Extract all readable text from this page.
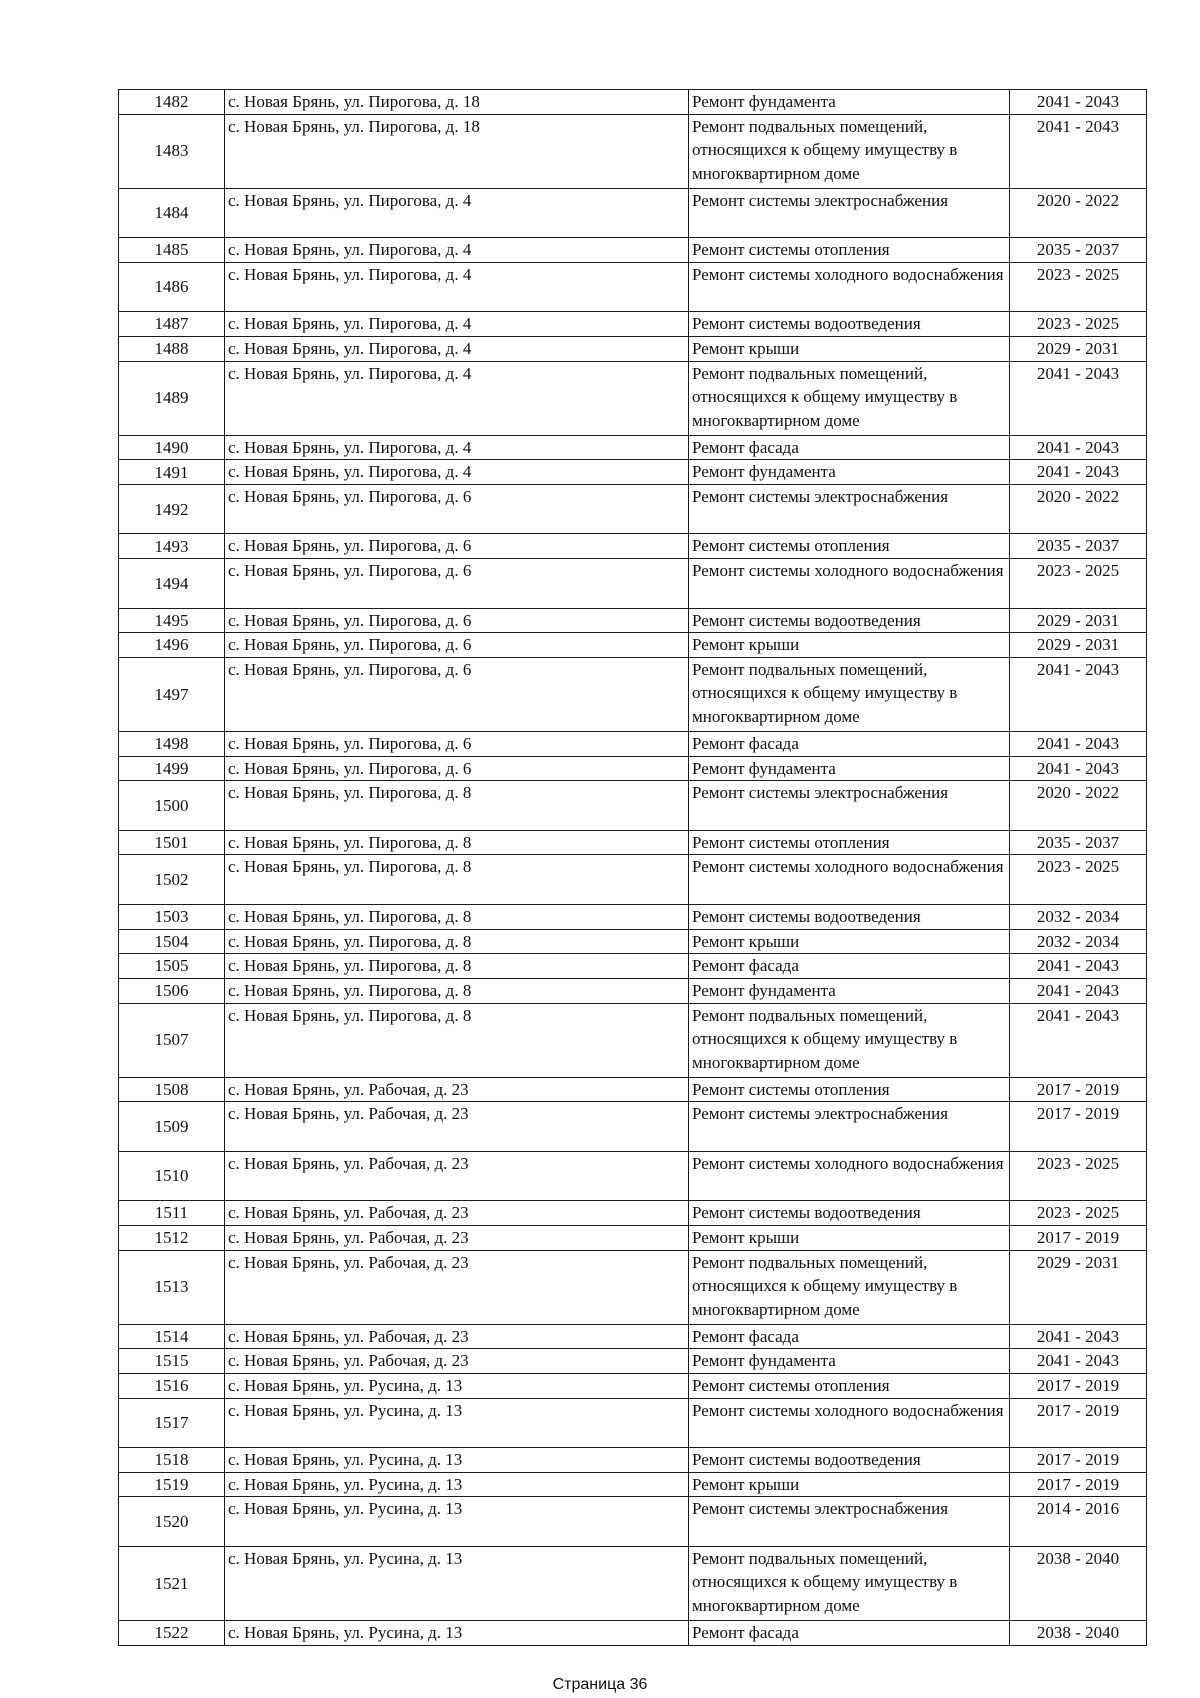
1482	с. Новая Брянь, ул. Пирогова, д. 18	Ремонт фундамента	2041 - 2043
1483	с. Новая Брянь, ул. Пирогова, д. 18	Ремонт подвальных помещений, относящихся к общему имуществу в многоквартирном доме	2041 - 2043
1484	с. Новая Брянь, ул. Пирогова, д. 4	Ремонт системы электроснабжения	2020 - 2022
1485	с. Новая Брянь, ул. Пирогова, д. 4	Ремонт системы отопления	2035 - 2037
1486	с. Новая Брянь, ул. Пирогова, д. 4	Ремонт системы холодного водоснабжения	2023 - 2025
1487	с. Новая Брянь, ул. Пирогова, д. 4	Ремонт системы водоотведения	2023 - 2025
1488	с. Новая Брянь, ул. Пирогова, д. 4	Ремонт крыши	2029 - 2031
1489	с. Новая Брянь, ул. Пирогова, д. 4	Ремонт подвальных помещений, относящихся к общему имуществу в многоквартирном доме	2041 - 2043
1490	с. Новая Брянь, ул. Пирогова, д. 4	Ремонт фасада	2041 - 2043
1491	с. Новая Брянь, ул. Пирогова, д. 4	Ремонт фундамента	2041 - 2043
1492	с. Новая Брянь, ул. Пирогова, д. 6	Ремонт системы электроснабжения	2020 - 2022
1493	с. Новая Брянь, ул. Пирогова, д. 6	Ремонт системы отопления	2035 - 2037
1494	с. Новая Брянь, ул. Пирогова, д. 6	Ремонт системы холодного водоснабжения	2023 - 2025
1495	с. Новая Брянь, ул. Пирогова, д. 6	Ремонт системы водоотведения	2029 - 2031
1496	с. Новая Брянь, ул. Пирогова, д. 6	Ремонт крыши	2029 - 2031
1497	с. Новая Брянь, ул. Пирогова, д. 6	Ремонт подвальных помещений, относящихся к общему имуществу в многоквартирном доме	2041 - 2043
1498	с. Новая Брянь, ул. Пирогова, д. 6	Ремонт фасада	2041 - 2043
1499	с. Новая Брянь, ул. Пирогова, д. 6	Ремонт фундамента	2041 - 2043
1500	с. Новая Брянь, ул. Пирогова, д. 8	Ремонт системы электроснабжения	2020 - 2022
1501	с. Новая Брянь, ул. Пирогова, д. 8	Ремонт системы отопления	2035 - 2037
1502	с. Новая Брянь, ул. Пирогова, д. 8	Ремонт системы холодного водоснабжения	2023 - 2025
1503	с. Новая Брянь, ул. Пирогова, д. 8	Ремонт системы водоотведения	2032 - 2034
1504	с. Новая Брянь, ул. Пирогова, д. 8	Ремонт крыши	2032 - 2034
1505	с. Новая Брянь, ул. Пирогова, д. 8	Ремонт фасада	2041 - 2043
1506	с. Новая Брянь, ул. Пирогова, д. 8	Ремонт фундамента	2041 - 2043
1507	с. Новая Брянь, ул. Пирогова, д. 8	Ремонт подвальных помещений, относящихся к общему имуществу в многоквартирном доме	2041 - 2043
1508	с. Новая Брянь, ул. Рабочая, д. 23	Ремонт системы отопления	2017 - 2019
1509	с. Новая Брянь, ул. Рабочая, д. 23	Ремонт системы электроснабжения	2017 - 2019
1510	с. Новая Брянь, ул. Рабочая, д. 23	Ремонт системы холодного водоснабжения	2023 - 2025
1511	с. Новая Брянь, ул. Рабочая, д. 23	Ремонт системы водоотведения	2023 - 2025
1512	с. Новая Брянь, ул. Рабочая, д. 23	Ремонт крыши	2017 - 2019
1513	с. Новая Брянь, ул. Рабочая, д. 23	Ремонт подвальных помещений, относящихся к общему имуществу в многоквартирном доме	2029 - 2031
1514	с. Новая Брянь, ул. Рабочая, д. 23	Ремонт фасада	2041 - 2043
1515	с. Новая Брянь, ул. Рабочая, д. 23	Ремонт фундамента	2041 - 2043
1516	с. Новая Брянь, ул. Русина, д. 13	Ремонт системы отопления	2017 - 2019
1517	с. Новая Брянь, ул. Русина, д. 13	Ремонт системы холодного водоснабжения	2017 - 2019
1518	с. Новая Брянь, ул. Русина, д. 13	Ремонт системы водоотведения	2017 - 2019
1519	с. Новая Брянь, ул. Русина, д. 13	Ремонт крыши	2017 - 2019
1520	с. Новая Брянь, ул. Русина, д. 13	Ремонт системы электроснабжения	2014 - 2016
1521	с. Новая Брянь, ул. Русина, д. 13	Ремонт подвальных помещений, относящихся к общему имуществу в многоквартирном доме	2038 - 2040
1522	с. Новая Брянь, ул. Русина, д. 13	Ремонт фасада	2038 - 2040
Страница 36
